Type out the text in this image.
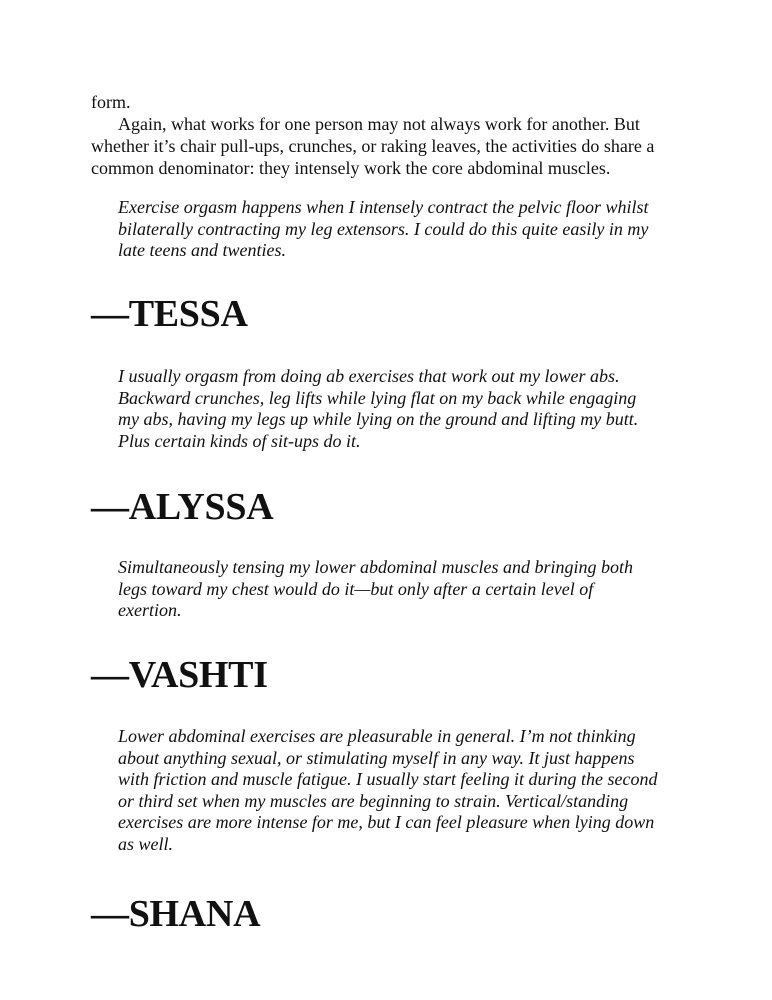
form.

Again, what works for one person may not always work for another. But whether it’s chair pull-ups, crunches, or raking leaves, the activities do share a common denominator: they intensely work the core abdominal muscles.

Exercise orgasm happens when I intensely contract the pelvic floor whilst bilaterally contracting my leg extensors. I could do this quite easily in my late teens and twenties.

—TESSA

I usually orgasm from doing ab exercises that work out my lower abs. Backward crunches, leg lifts while lying flat on my back while engaging my abs, having my legs up while lying on the ground and lifting my butt. Plus certain kinds of sit-ups do it.

—ALYSSA

Simultaneously tensing my lower abdominal muscles and bringing both legs toward my chest would do it—but only after a certain level of exertion.

—VASHTI

Lower abdominal exercises are pleasurable in general. I’m not thinking about anything sexual, or stimulating myself in any way. It just happens with friction and muscle fatigue. I usually start feeling it during the second or third set when my muscles are beginning to strain. Vertical/standing exercises are more intense for me, but I can feel pleasure when lying down as well.

—SHANA
